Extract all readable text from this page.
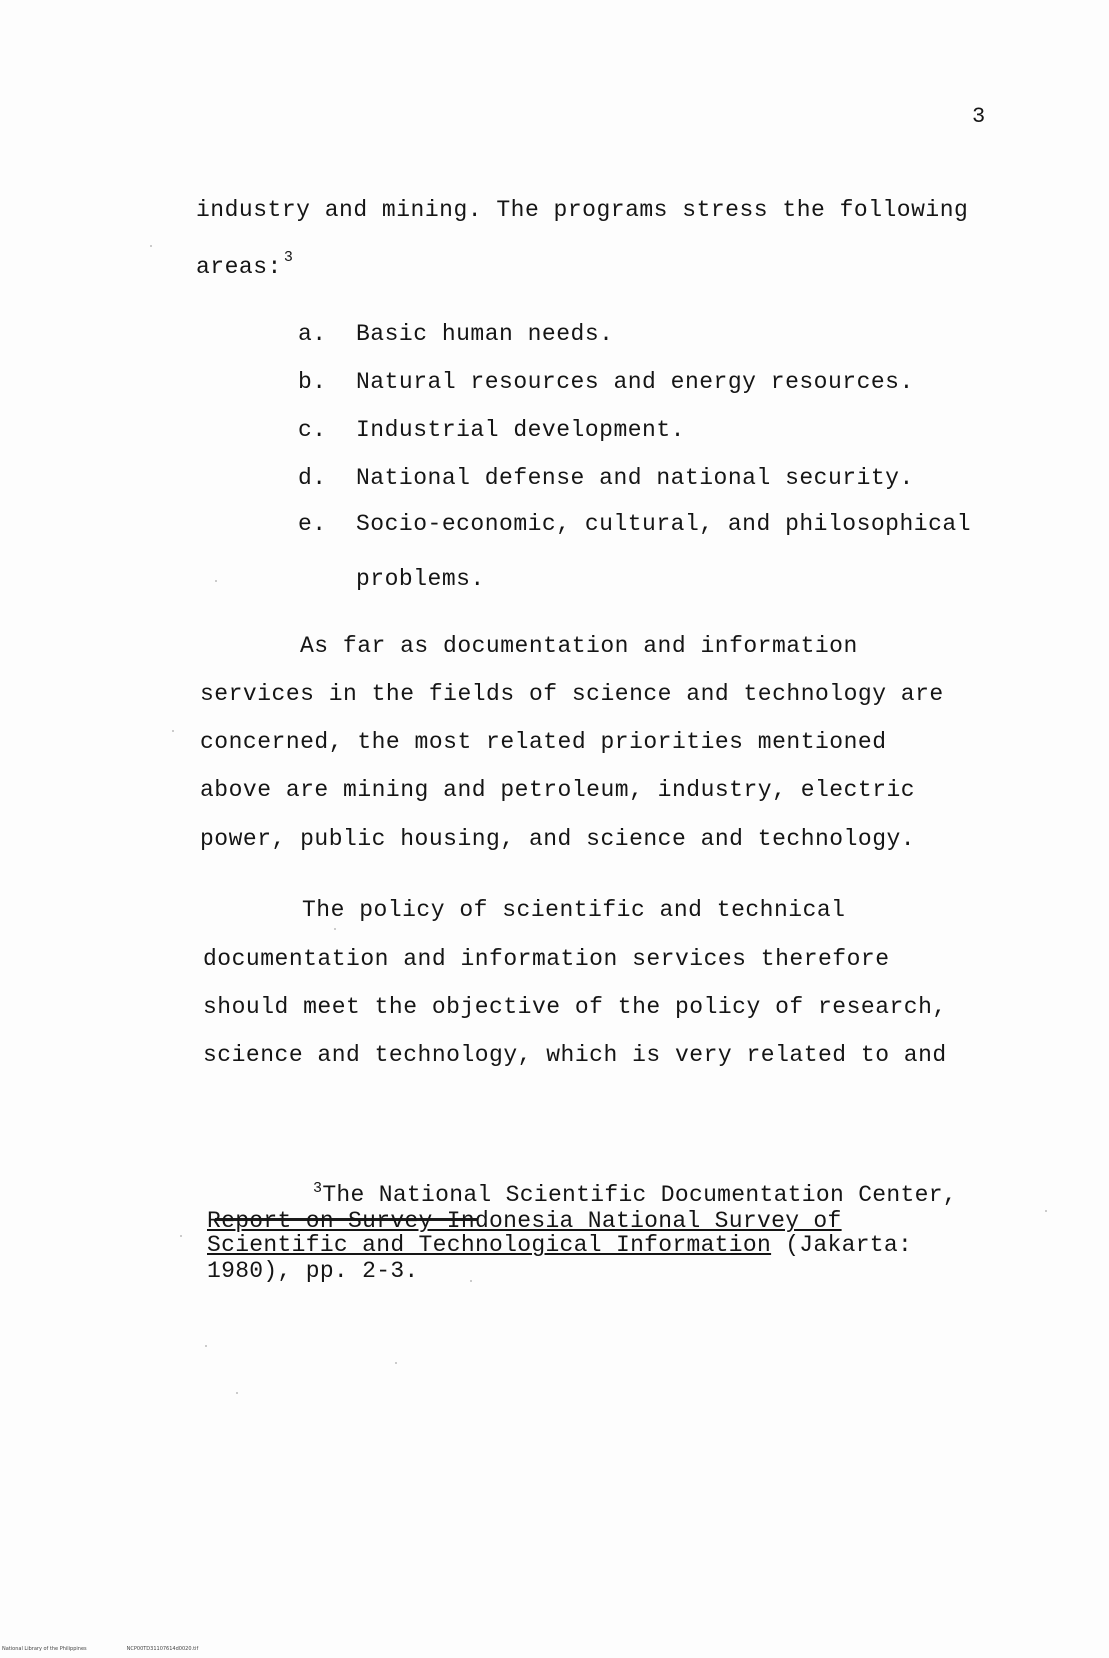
3
industry and mining. The programs stress the following
areas: $^3$
a. Basic human needs.
b. Natural resources and energy resources.
c. Industrial development.
d. National defense and national security.
e. Socio-economic, cultural, and philosophical
problems.
As far as documentation and information
services in the fields of science and technology are
concerned, the most related priorities mentioned
above are mining and petroleum, industry, electric
power, public housing, and science and technology.
The policy of scientific and technical
documentation and information services therefore
should meet the objective of the policy of research,
science and technology, which is very related to and
$^3$The National Scientific Documentation Center,
Report on Survey Indonesia National Survey of
Scientific and Technological Information (Jakarta:
1980), pp. 2-3.
National Library of the Philippines	NCP00TD31107614d0020.tif
